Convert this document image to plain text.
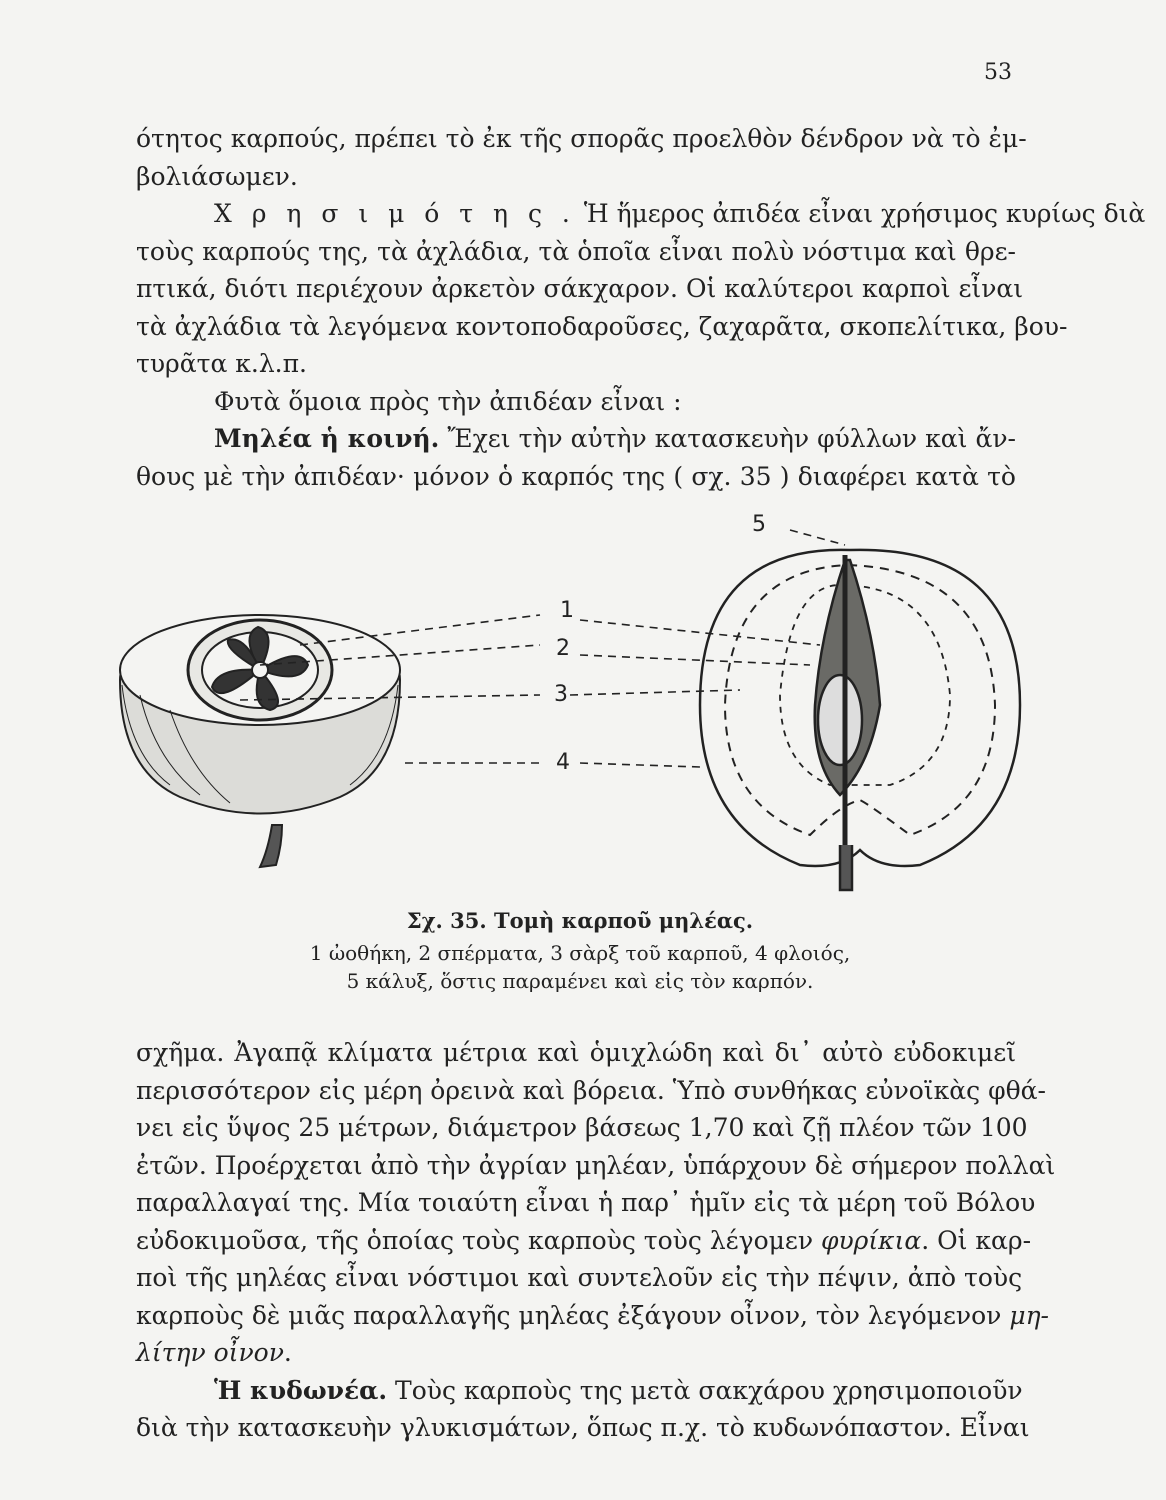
53
ότητος καρπούς, πρέπει τὸ ἐκ τῆς σπορᾶς προελθὸν δένδρον νὰ τὸ ἐμ-
βολιάσωμεν.
Χ ρ η σ ι μ ό τ η ς . Ἡ ἥμερος ἀπιδέα εἶναι χρήσιμος κυρίως διὰ
τοὺς καρπούς της, τὰ ἀχλάδια, τὰ ὁποῖα εἶναι πολὺ νόστιμα καὶ θρε-
πτικά, διότι περιέχουν ἀρκετὸν σάκχαρον. Οἱ καλύτεροι καρποὶ εἶναι
τὰ ἀχλάδια τὰ λεγόμενα κοντοποδαροῦσες, ζαχαρᾶτα, σκοπελίτικα, βου-
τυρᾶτα κ.λ.π.
Φυτὰ ὅμοια πρὸς τὴν ἀπιδέαν εἶναι :
Μηλέα ἡ κοινή. Ἔχει τὴν αὐτὴν κατασκευὴν φύλλων καὶ ἄν-
θους μὲ τὴν ἀπιδέαν· μόνον ὁ καρπός της ( σχ. 35 ) διαφέρει κατὰ τὸ
1
2
3
4
5
Σχ. 35. Τομὴ καρποῦ μηλέας.
1 ὠοθήκη, 2 σπέρματα, 3 σὰρξ τοῦ καρποῦ, 4 φλοιός,
5 κάλυξ, ὅστις παραμένει καὶ εἰς τὸν καρπόν.
σχῆμα. Ἀγαπᾷ κλίματα μέτρια καὶ ὁμιχλώδη καὶ δι᾽ αὐτὸ εὐδοκιμεῖ
περισσότερον εἰς μέρη ὀρεινὰ καὶ βόρεια. Ὑπὸ συνθήκας εὐνοϊκὰς φθά-
νει εἰς ὕψος 25 μέτρων, διάμετρον βάσεως 1,70 καὶ ζῇ πλέον τῶν 100
ἐτῶν. Προέρχεται ἀπὸ τὴν ἀγρίαν μηλέαν, ὑπάρχουν δὲ σήμερον πολλαὶ
παραλλαγαί της. Μία τοιαύτη εἶναι ἡ παρ᾽ ἡμῖν εἰς τὰ μέρη τοῦ Βόλου
εὐδοκιμοῦσα, τῆς ὁποίας τοὺς καρποὺς τοὺς λέγομεν φυρίκια. Οἱ καρ-
ποὶ τῆς μηλέας εἶναι νόστιμοι καὶ συντελοῦν εἰς τὴν πέψιν, ἀπὸ τοὺς
καρποὺς δὲ μιᾶς παραλλαγῆς μηλέας ἐξάγουν οἶνον, τὸν λεγόμενον μη-
λίτην οἶνον.
Ἡ κυδωνέα. Τοὺς καρποὺς της μετὰ σακχάρου χρησιμοποιοῦν
διὰ τὴν κατασκευὴν γλυκισμάτων, ὅπως π.χ. τὸ κυδωνόπαστον. Εἶναι
